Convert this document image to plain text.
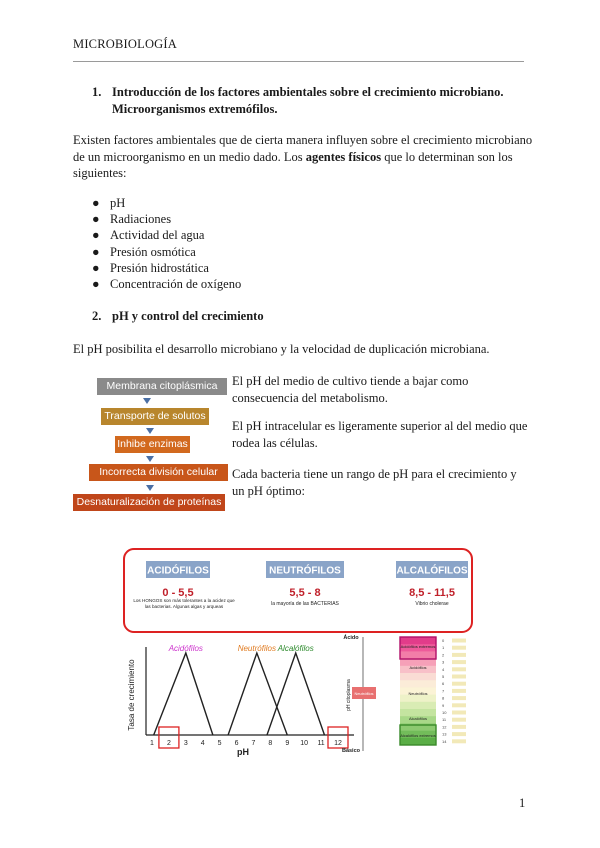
MICROBIOLOGÍA
1. Introducción de los factores ambientales sobre el crecimiento microbiano.
Microorganismos extremófilos.
Existen factores ambientales que de cierta manera influyen sobre el crecimiento microbiano de un microorganismo en un medio dado. Los agentes físicos que lo determinan son los siguientes:
● pH
● Radiaciones
● Actividad del agua
● Presión osmótica
● Presión hidrostática
● Concentración de oxígeno
2. pH y control del crecimiento
El pH posibilita el desarrollo microbiano y la velocidad de duplicación microbiana.
Membrana citoplásmica
Transporte de solutos
Inhibe enzimas
Incorrecta división celular
Desnaturalización de proteínas
El pH del medio de cultivo tiende a bajar como consecuencia del metabolismo.
El pH intracelular es ligeramente superior al del medio que rodea las células.
Cada bacteria tiene un rango de pH para el crecimiento y un pH óptimo:
ACIDÓFILOS	NEUTRÓFILOS	ALCALÓFILOS
0 - 5,5	5,5 - 8	8,5 - 11,5
Los HONGOS son más tolerantes a la acidez que las bacterias. Algunas algas y arqueas	la mayoría de las BACTERIAS	Vibrio cholerae
Tasa de crecimiento
pH
1 2 3 4 5 6 7 8 9 10 11 12
Acidófilos	Neutrófilos Alcalófilos
Ácido
Básico
pH citoplasma Neutrófilos
Acidófilos extremos
Acidófilos
Neutrófilos
Alcalófilos
Alcalófilos extremos
0
1
2
3
4
5
6
7
8
9
10
11
12
13
14
1
